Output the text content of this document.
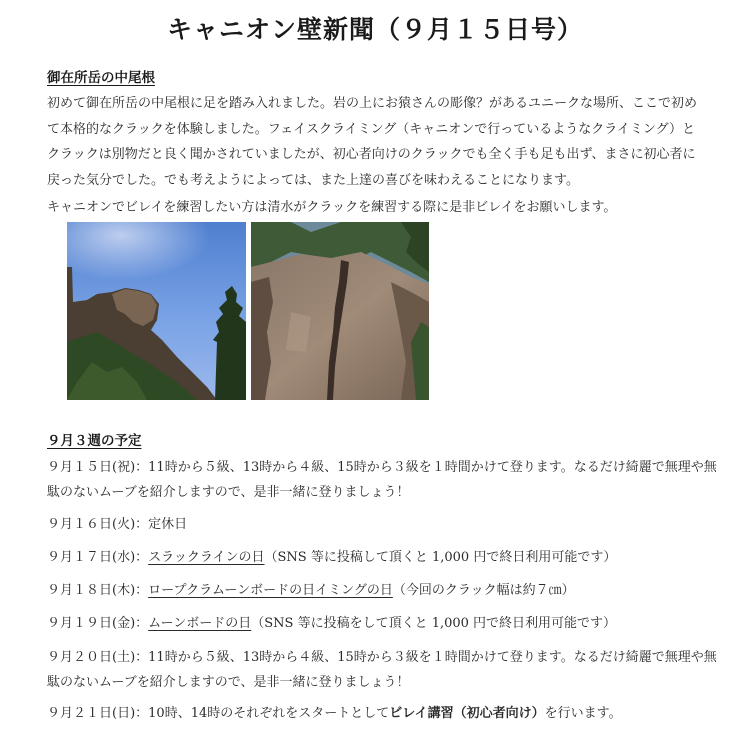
キャニオン壁新聞（９月１５日号）
御在所岳の中尾根

初めて御在所岳の中尾根に足を踏み入れました。岩の上にお猿さんの彫像？があるユニークな場所、ここで初めて本格的なクラックを体験しました。フェイスクライミング（キャニオンで行っているようなクライミング）とクラックは別物だと良く聞かされていましたが、初心者向けのクラックでも全く手も足も出ず、まさに初心者に戻った気分でした。でも考えようによっては、また上達の喜びを味わえることになります。

キャニオンでビレイを練習したい方は清水がクラックを練習する際に是非ビレイをお願いします。

９月３週の予定
９月１５日(祝)：11時から５級、13時から４級、15時から３級を１時間かけて登ります。なるだけ綺麗で無理や無駄のないムーブを紹介しますので、是非一緒に登りましょう！
９月１６日(火)：定休日
９月１７日(水)：スラックラインの日（SNS 等に投稿して頂くと 1,000 円で終日利用可能です）
９月１８日(木)：ロープクラムーンボードの日イミングの日（今回のクラック幅は約７㎝）
９月１９日(金)：ムーンボードの日（SNS 等に投稿をして頂くと 1,000 円で終日利用可能です）
９月２０日(土)：11時から５級、13時から４級、15時から３級を１時間かけて登ります。なるだけ綺麗で無理や無駄のないムーブを紹介しますので、是非一緒に登りましょう！
９月２１日(日)：10時、14時のそれぞれをスタートとしてビレイ講習（初心者向け）を行います。
